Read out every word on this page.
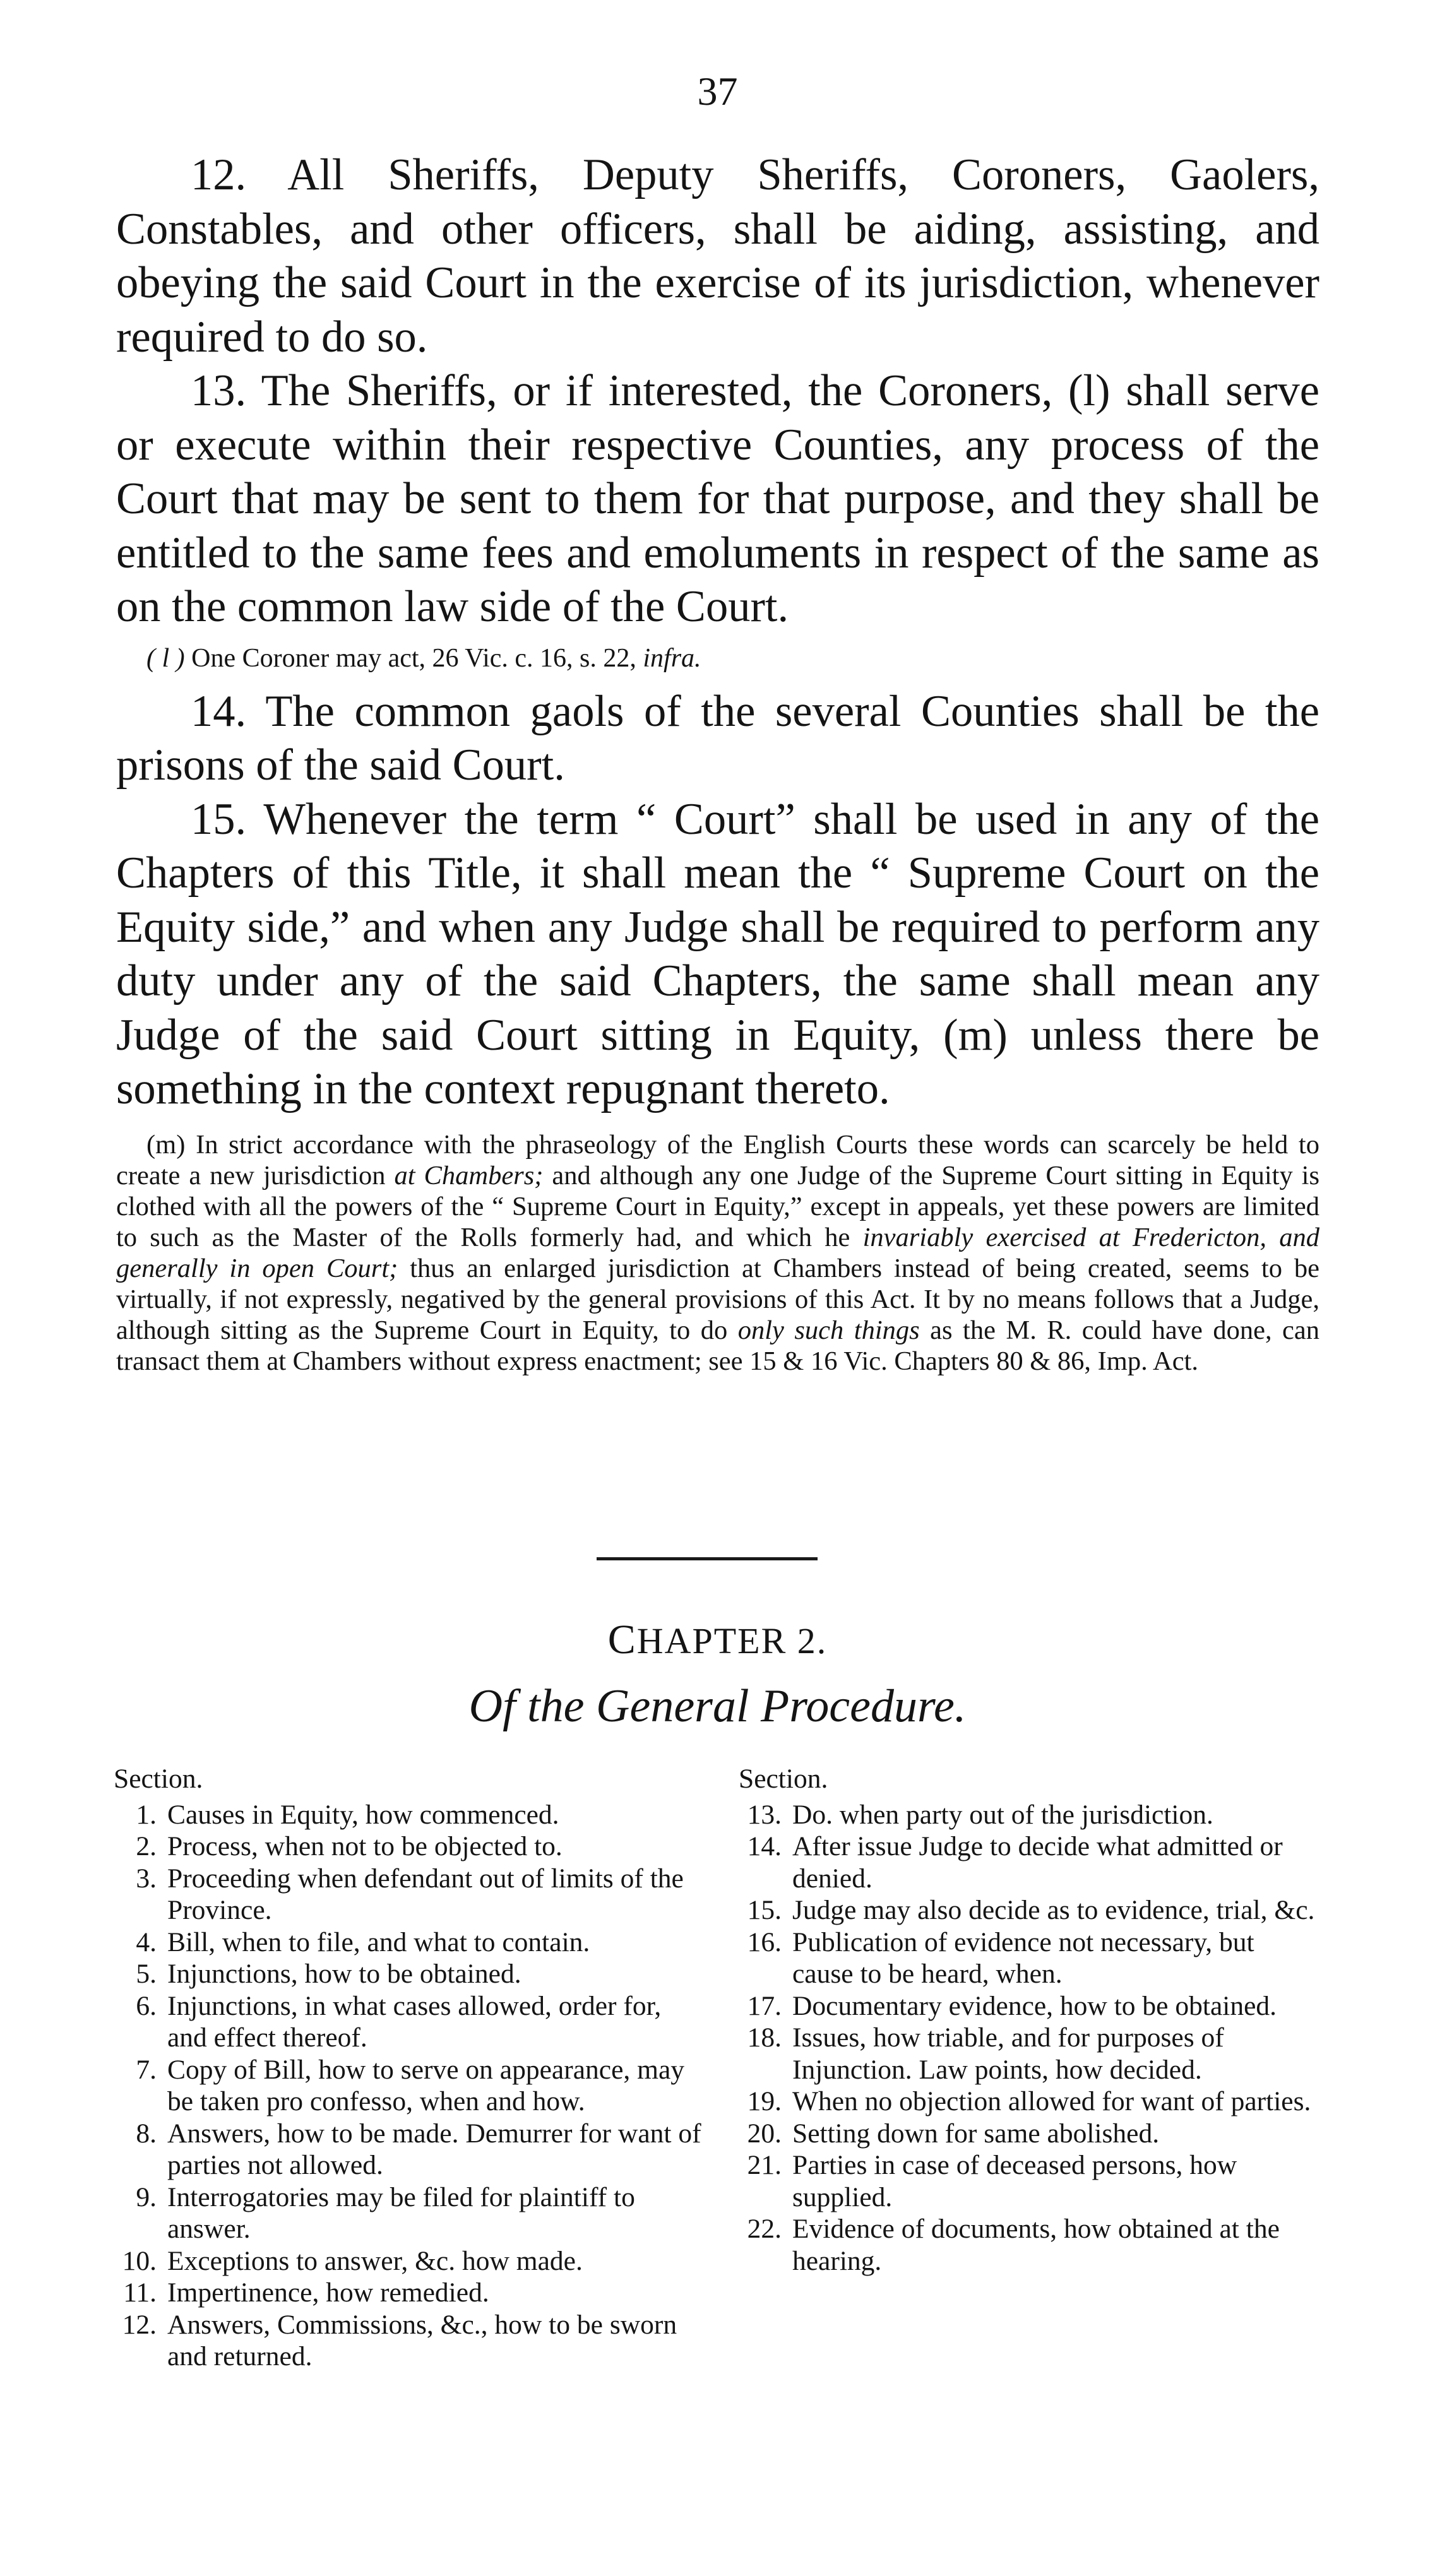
37

12. All Sheriffs, Deputy Sheriffs, Coroners, Gaolers, Constables, and other officers, shall be aiding, assisting, and obeying the said Court in the exercise of its jurisdiction, whenever required to do so.

13. The Sheriffs, or if interested, the Coroners, (l) shall serve or execute within their respective Counties, any process of the Court that may be sent to them for that purpose, and they shall be entitled to the same fees and emoluments in respect of the same as on the common law side of the Court.

( l ) One Coroner may act, 26 Vic. c. 16, s. 22, infra.

14. The common gaols of the several Counties shall be the prisons of the said Court.

15. Whenever the term “ Court” shall be used in any of the Chapters of this Title, it shall mean the “ Supreme Court on the Equity side,” and when any Judge shall be required to perform any duty under any of the said Chapters, the same shall mean any Judge of the said Court sitting in Equity, (m) unless there be something in the context repugnant thereto.

(m) In strict accordance with the phraseology of the English Courts these words can scarcely be held to create a new jurisdiction at Chambers; and although any one Judge of the Supreme Court sitting in Equity is clothed with all the powers of the “ Supreme Court in Equity,” except in appeals, yet these powers are limited to such as the Master of the Rolls formerly had, and which he invariably exercised at Fredericton, and generally in open Court; thus an enlarged jurisdiction at Chambers instead of being created, seems to be virtually, if not expressly, negatived by the general provisions of this Act. It by no means follows that a Judge, although sitting as the Supreme Court in Equity, to do only such things as the M. R. could have done, can transact them at Chambers without express enactment; see 15 & 16 Vic. Chapters 80 & 86, Imp. Act.
CHAPTER 2.
Of the General Procedure.
Section.
1. Causes in Equity, how commenced.
2. Process, when not to be objected to.
3. Proceeding when defendant out of limits of the Province.
4. Bill, when to file, and what to contain.
5. Injunctions, how to be obtained.
6. Injunctions, in what cases allowed, order for, and effect thereof.
7. Copy of Bill, how to serve on appearance, may be taken pro confesso, when and how.
8. Answers, how to be made. Demurrer for want of parties not allowed.
9. Interrogatories may be filed for plaintiff to answer.
10. Exceptions to answer, &c. how made.
11. Impertinence, how remedied.
12. Answers, Commissions, &c., how to be sworn and returned.
Section.
13. Do. when party out of the jurisdiction.
14. After issue Judge to decide what admitted or denied.
15. Judge may also decide as to evidence, trial, &c.
16. Publication of evidence not necessary, but cause to be heard, when.
17. Documentary evidence, how to be obtained.
18. Issues, how triable, and for purposes of Injunction. Law points, how decided.
19. When no objection allowed for want of parties.
20. Setting down for same abolished.
21. Parties in case of deceased persons, how supplied.
22. Evidence of documents, how obtained at the hearing.
